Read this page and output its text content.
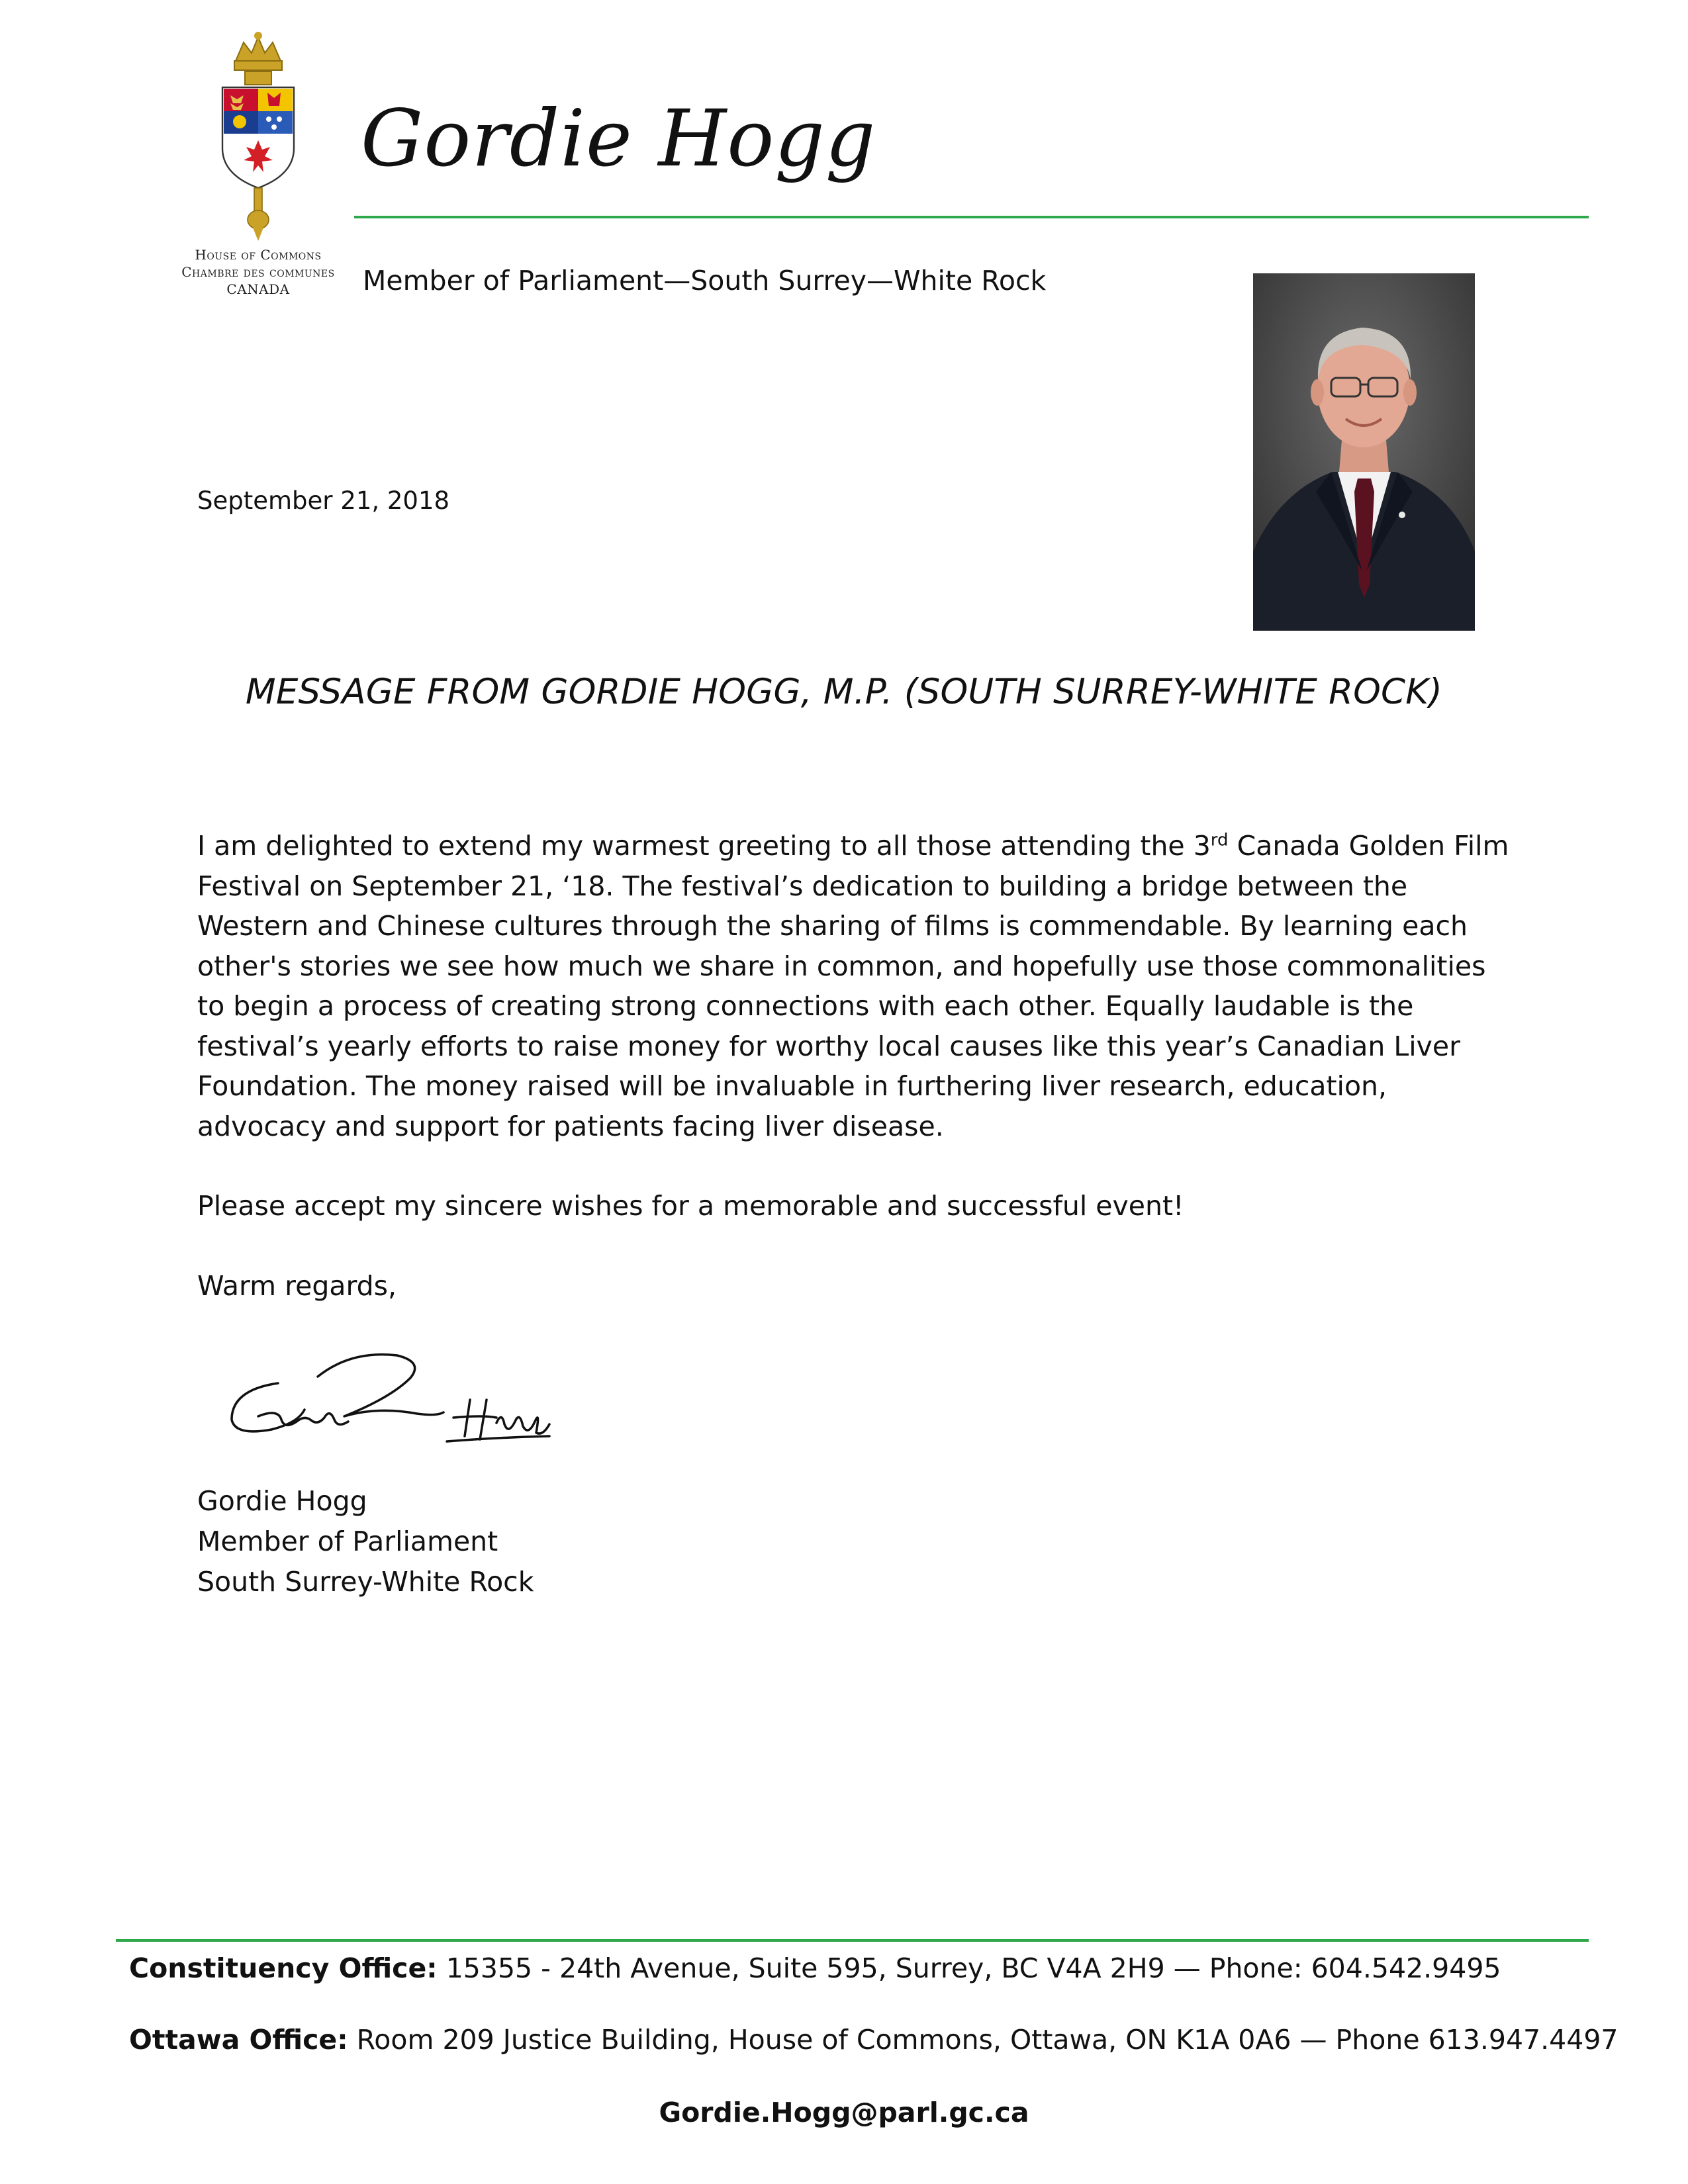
House of Commons
Chambre des communes
CANADA
Gordie Hogg
Member of Parliament—South Surrey—White Rock
September 21, 2018
MESSAGE FROM GORDIE HOGG, M.P. (SOUTH SURREY-WHITE ROCK)

I am delighted to extend my warmest greeting to all those attending the 3rd Canada Golden Film
Festival on September 21, ‘18. The festival’s dedication to building a bridge between the
Western and Chinese cultures through the sharing of films is commendable. By learning each
other's stories we see how much we share in common, and hopefully use those commonalities
to begin a process of creating strong connections with each other. Equally laudable is the
festival’s yearly efforts to raise money for worthy local causes like this year’s Canadian Liver
Foundation. The money raised will be invaluable in furthering liver research, education,
advocacy and support for patients facing liver disease.

Please accept my sincere wishes for a memorable and successful event!

Warm regards,

Gordie Hogg
Member of Parliament
South Surrey-White Rock
Constituency Office: 15355 - 24th Avenue, Suite 595, Surrey, BC V4A 2H9 — Phone: 604.542.9495
Ottawa Office: Room 209 Justice Building, House of Commons, Ottawa, ON K1A 0A6 — Phone 613.947.4497
Gordie.Hogg@parl.gc.ca
